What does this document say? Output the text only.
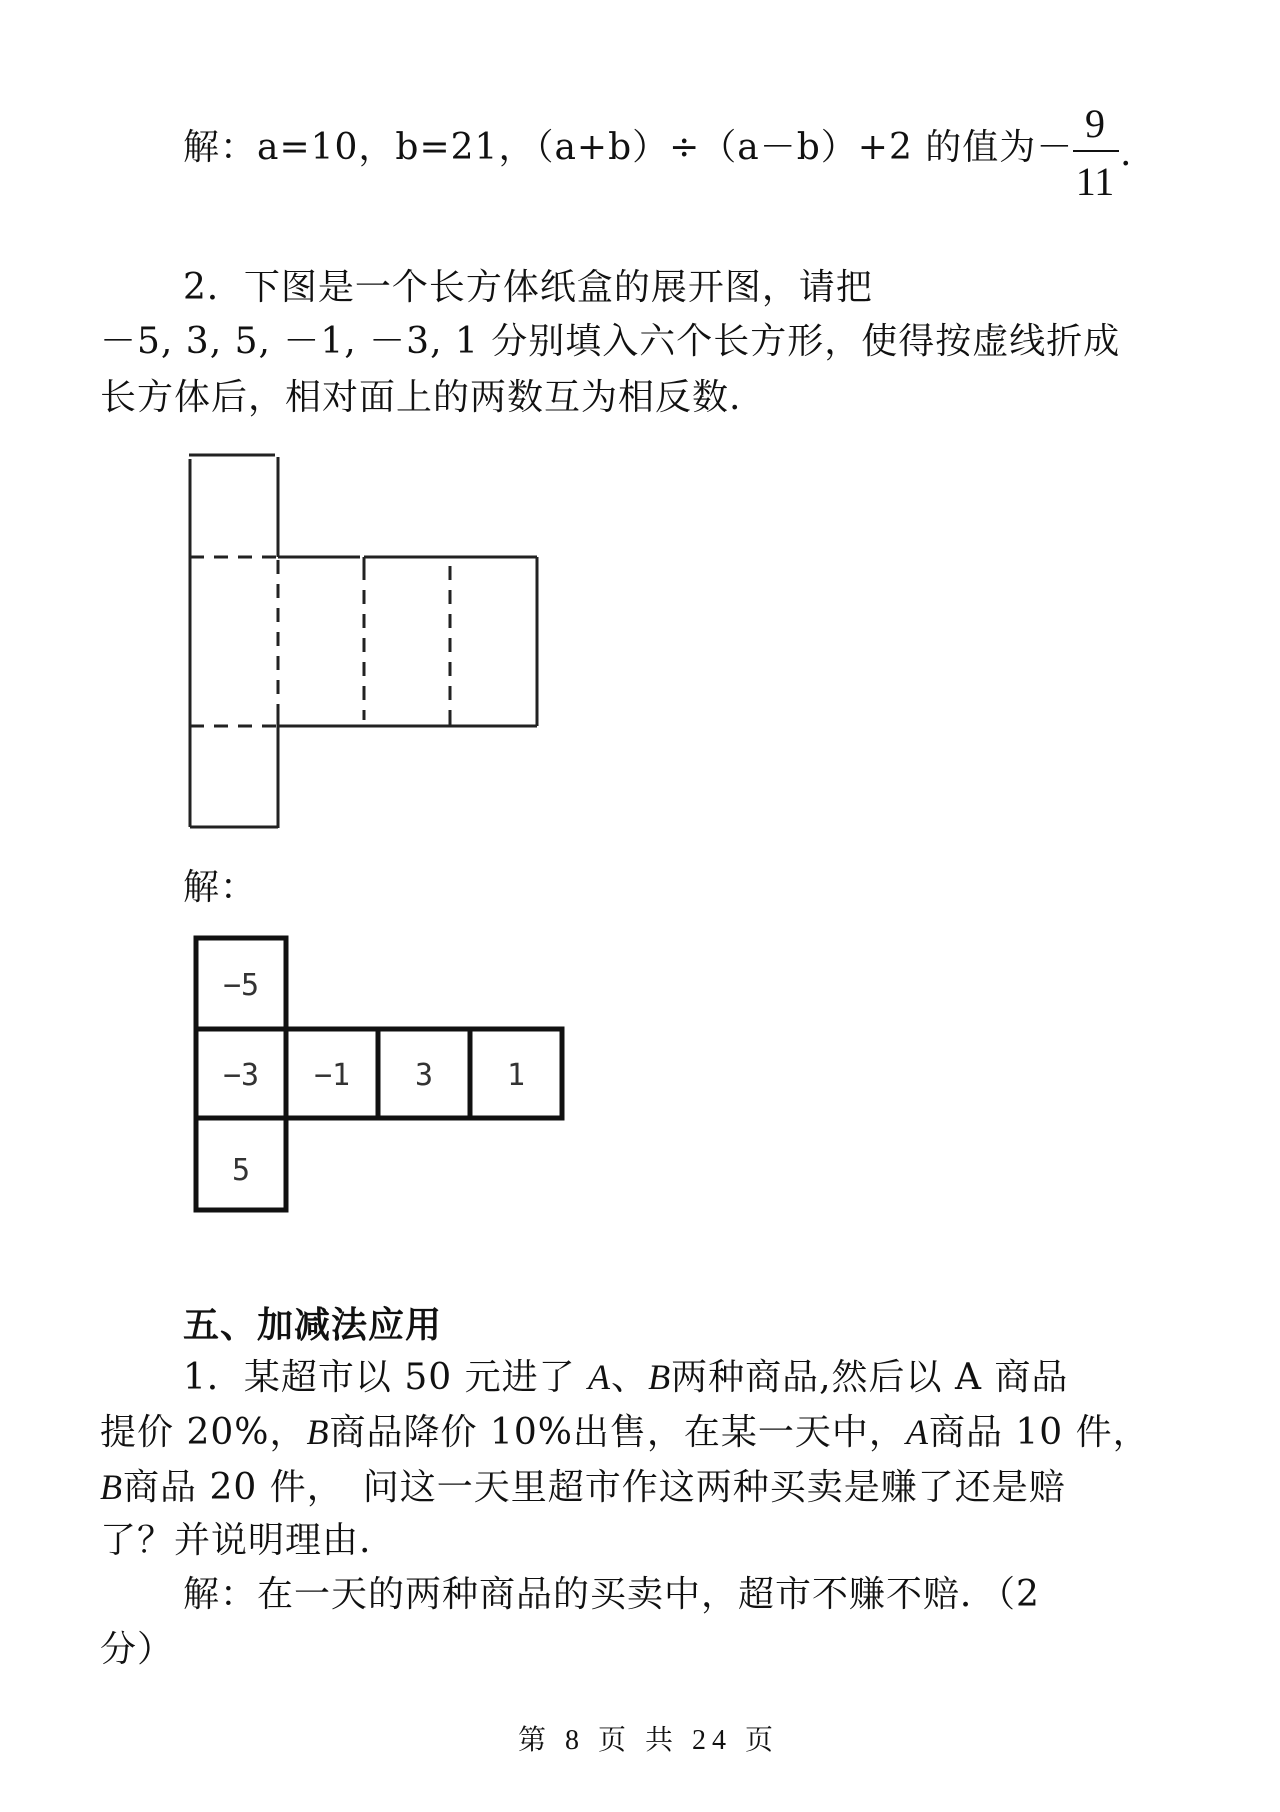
解：a=10，b=21，（a+b）÷（a－b）+2 的值为－
9
11
.
2．下图是一个长方体纸盒的展开图，请把
－5, 3, 5, －1, －3, 1 分别填入六个长方形，使得按虚线折成
长方体后，相对面上的两数互为相反数.
解：
−5
−3 −1 3 1
5
五、加减法应用
1．某超市以 50 元进了 A、B两种商品,然后以 A 商品
提价 20%，B商品降价 10%出售，在某一天中，A商品 10 件，
B商品 20 件，　问这一天里超市作这两种买卖是赚了还是赔
了？并说明理由.
解：在一天的两种商品的买卖中，超市不赚不赔．（2
分）
第 8 页 共 24 页
